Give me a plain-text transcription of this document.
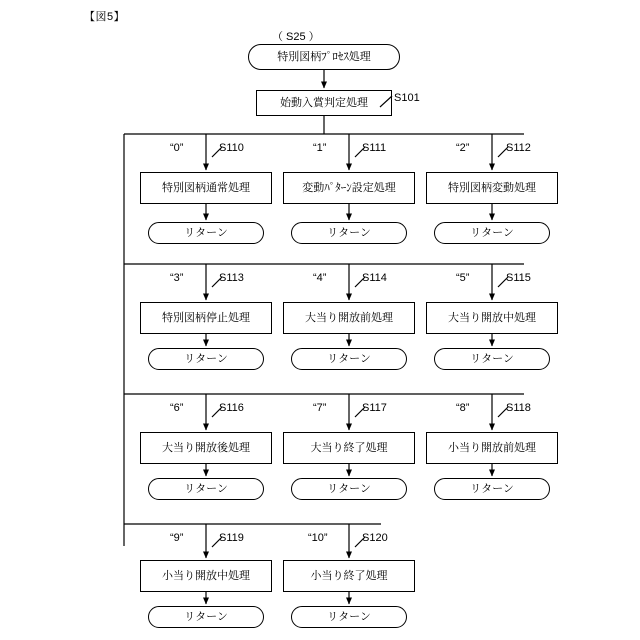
【図5】
（ S25 ）
特別図柄ﾌﾟﾛｾｽ処理
始動入賞判定処理	S101
“0”	S110	“1”	S111	“2”	S112
特別図柄通常処理	変動ﾊﾟﾀｰﾝ設定処理	特別図柄変動処理
リターン	リターン	リターン
“3”	S113	“4”	S114	“5”	S115
特別図柄停止処理	大当り開放前処理	大当り開放中処理
リターン	リターン	リターン
“6”	S116	“7”	S117	“8”	S118
大当り開放後処理	大当り終了処理	小当り開放前処理
リターン	リターン	リターン
“9”	S119	“10”	S120
小当り開放中処理	小当り終了処理
リターン	リターン
